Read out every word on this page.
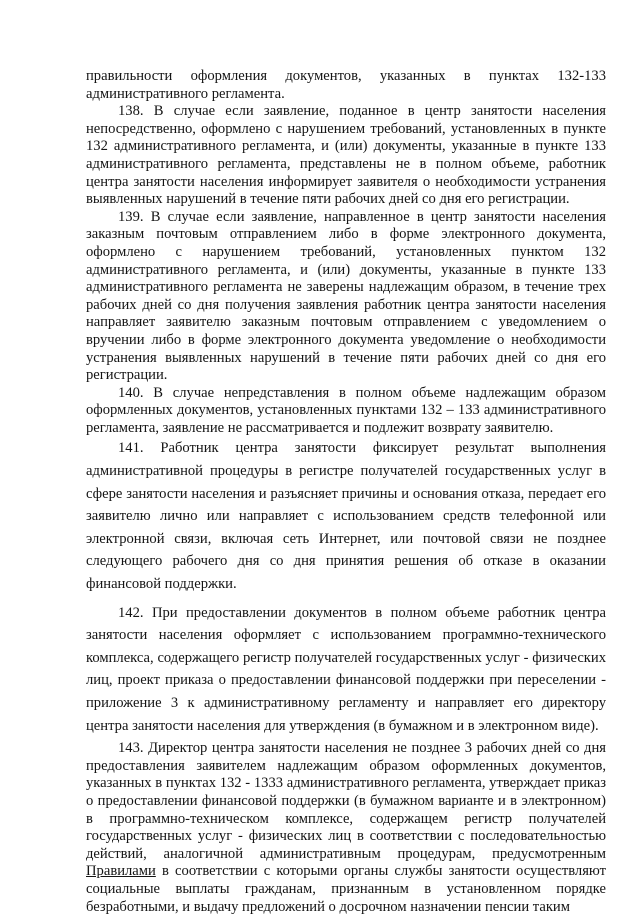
правильности оформления документов, указанных в пунктах 132-133 административного регламента.

138. В случае если заявление, поданное в центр занятости населения непосредственно, оформлено с нарушением требований, установленных в пункте 132 административного регламента, и (или) документы, указанные в пункте 133 административного регламента, представлены не в полном объеме, работник центра занятости населения информирует заявителя о необходимости устранения выявленных нарушений в течение пяти рабочих дней со дня его регистрации.

139. В случае если заявление, направленное в центр занятости населения заказным почтовым отправлением либо в форме электронного документа, оформлено с нарушением требований, установленных пунктом 132 административного регламента, и (или) документы, указанные в пункте 133 административного регламента не заверены надлежащим образом, в течение трех рабочих дней со дня получения заявления работник центра занятости населения направляет заявителю заказным почтовым отправлением с уведомлением о вручении либо в форме электронного документа уведомление о необходимости устранения выявленных нарушений в течение пяти рабочих дней со дня его регистрации.

140. В случае непредставления в полном объеме надлежащим образом оформленных документов, установленных пунктами 132 – 133 административного регламента, заявление не рассматривается и подлежит возврату заявителю.

141. Работник центра занятости фиксирует результат выполнения административной процедуры в регистре получателей государственных услуг в сфере занятости населения и разъясняет причины и основания отказа, передает его заявителю лично или направляет с использованием средств телефонной или электронной связи, включая сеть Интернет, или почтовой связи не позднее следующего рабочего дня со дня принятия решения об отказе в оказании финансовой поддержки.

142. При предоставлении документов в полном объеме работник центра занятости населения оформляет с использованием программно-технического комплекса, содержащего регистр получателей государственных услуг - физических лиц, проект приказа о предоставлении финансовой поддержки при переселении - приложение 3 к административному регламенту и направляет его директору центра занятости населения для утверждения (в бумажном и в электронном виде).

143. Директор центра занятости населения не позднее 3 рабочих дней со дня предоставления заявителем надлежащим образом оформленных документов, указанных в пунктах 132 - 1333 административного регламента, утверждает приказ о предоставлении финансовой поддержки (в бумажном варианте и в электронном) в программно-техническом комплексе, содержащем регистр получателей государственных услуг - физических лиц в соответствии с последовательностью действий, аналогичной административным процедурам, предусмотренным Правилами в соответствии с которыми органы службы занятости осуществляют социальные выплаты гражданам, признанным в установленном порядке безработными, и выдачу предложений о досрочном назначении пенсии таким
